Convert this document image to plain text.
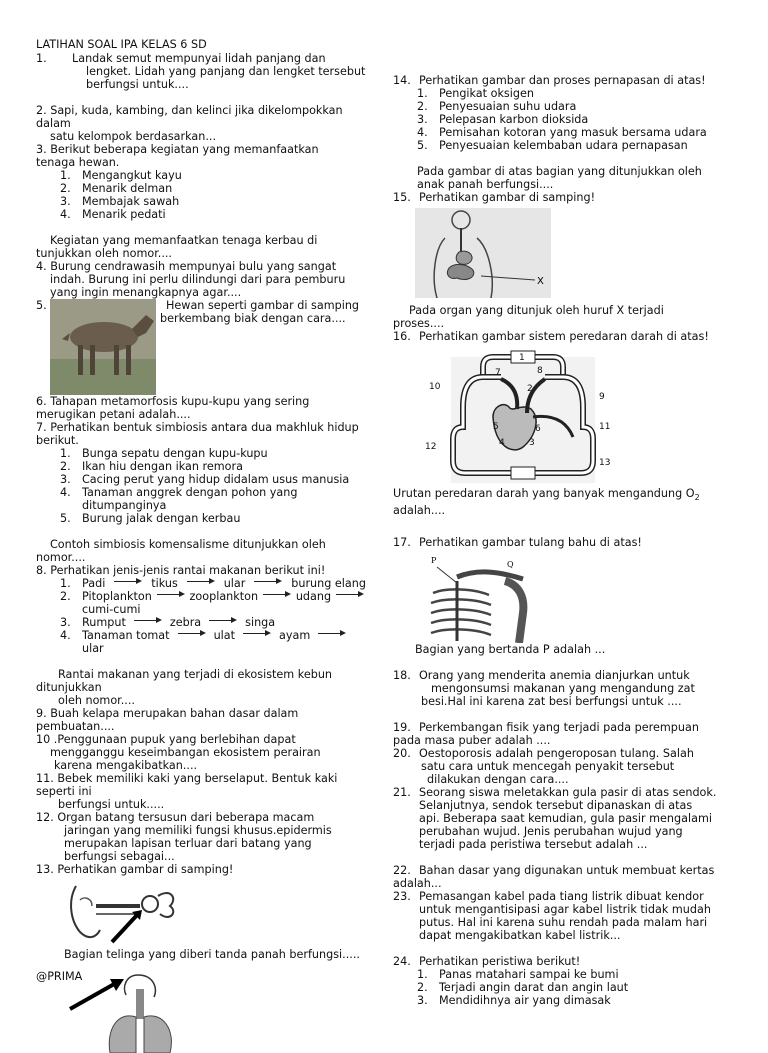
LATIHAN SOAL IPA KELAS 6 SD
1.	Landak semut mempunyai lidah panjang dan
lengket. Lidah yang panjang dan lengket tersebut
berfungsi untuk....
2. Sapi, kuda, kambing, dan kelinci jika dikelompokkan
dalam
satu kelompok berdasarkan...
3. Berikut beberapa kegiatan yang memanfaatkan
tenaga hewan.
1.	Mengangkut kayu
2.	Menarik delman
3.	Membajak sawah
4.	Menarik pedati
Kegiatan yang memanfaatkan tenaga kerbau di
tunjukkan oleh nomor....
4. Burung cendrawasih mempunyai bulu yang sangat
indah. Burung ini perlu dilindungi dari para pemburu
yang ingin menangkapnya agar....
5.	Hewan seperti gambar di samping
berkembang biak dengan cara....
6. Tahapan metamorfosis kupu-kupu yang sering
merugikan petani adalah....
7. Perhatikan bentuk simbiosis antara dua makhluk hidup
berikut.
1.	Bunga sepatu dengan kupu-kupu
2.	Ikan hiu dengan ikan remora
3.	Cacing perut yang hidup didalam usus manusia
4.	Tanaman anggrek dengan pohon yang ditumpanginya
5.	Burung jalak dengan kerbau
Contoh simbiosis komensalisme ditunjukkan oleh
nomor....
8. Perhatikan jenis-jenis rantai makanan berikut ini!
1.	Padi	tikus	ular	burung elang
2.	Pitoplankton	zooplankton	udang
cumi-cumi
3.	Rumput	zebra	singa
4.	Tanaman tomat	ulat	ayam
ular
Rantai makanan yang terjadi di ekosistem kebun
ditunjukkan
oleh nomor....
9. Buah kelapa merupakan bahan dasar dalam
pembuatan....
10 .Penggunaan pupuk yang berlebihan dapat
mengganggu keseimbangan ekosistem perairan
karena mengakibatkan....
11. Bebek memiliki kaki yang berselaput. Bentuk kaki
seperti ini
berfungsi untuk.....
12. Organ batang tersusun dari beberapa macam
jaringan yang memiliki fungsi khusus.epidermis
merupakan lapisan terluar dari batang yang
berfungsi sebagai...
13. Perhatikan gambar di samping!
Bagian telinga yang diberi tanda panah berfungsi.....
14. Perhatikan gambar dan proses pernapasan di atas!
1.	Pengikat oksigen
2.	Penyesuaian suhu udara
3.	Pelepasan karbon dioksida
4.	Pemisahan kotoran yang masuk bersama udara
5.	Penyesuaian kelembaban udara pernapasan
Pada gambar di atas bagian yang ditunjukkan oleh
anak panah berfungsi....
15. Perhatikan gambar di samping!
X
Pada organ yang ditunjuk oleh huruf X terjadi
proses....
16. Perhatikan gambar sistem peredaran darah di atas!
1
2
3
4
5	6
7	8
9
10
11
12
13
Urutan peredaran darah yang banyak mengandung $O_2$
adalah....
17. Perhatikan gambar tulang bahu di atas!
P	Q
Bagian yang bertanda P adalah ...
18. Orang yang menderita anemia dianjurkan untuk
mengonsumsi makanan yang mengandung zat
besi.Hal ini karena zat besi berfungsi untuk ....
19. Perkembangan fisik yang terjadi pada perempuan
pada masa puber adalah ....
20. Oestoporosis adalah pengeroposan tulang. Salah
satu cara untuk mencegah penyakit tersebut
dilakukan dengan cara....
21. Seorang siswa meletakkan gula pasir di atas sendok.
Selanjutnya, sendok tersebut dipanaskan di atas
api. Beberapa saat kemudian, gula pasir mengalami
perubahan wujud. Jenis perubahan wujud yang
terjadi pada peristiwa tersebut adalah ...
22. Bahan dasar yang digunakan untuk membuat kertas
adalah...
23. Pemasangan kabel pada tiang listrik dibuat kendor
untuk mengantisipasi agar kabel listrik tidak mudah
putus. Hal ini karena suhu rendah pada malam hari
dapat mengakibatkan kabel listrik...
24. Perhatikan peristiwa berikut!
1.	Panas matahari sampai ke bumi
2.	Terjadi angin darat dan angin laut
3.	Mendidihnya air yang dimasak
@PRIMA
